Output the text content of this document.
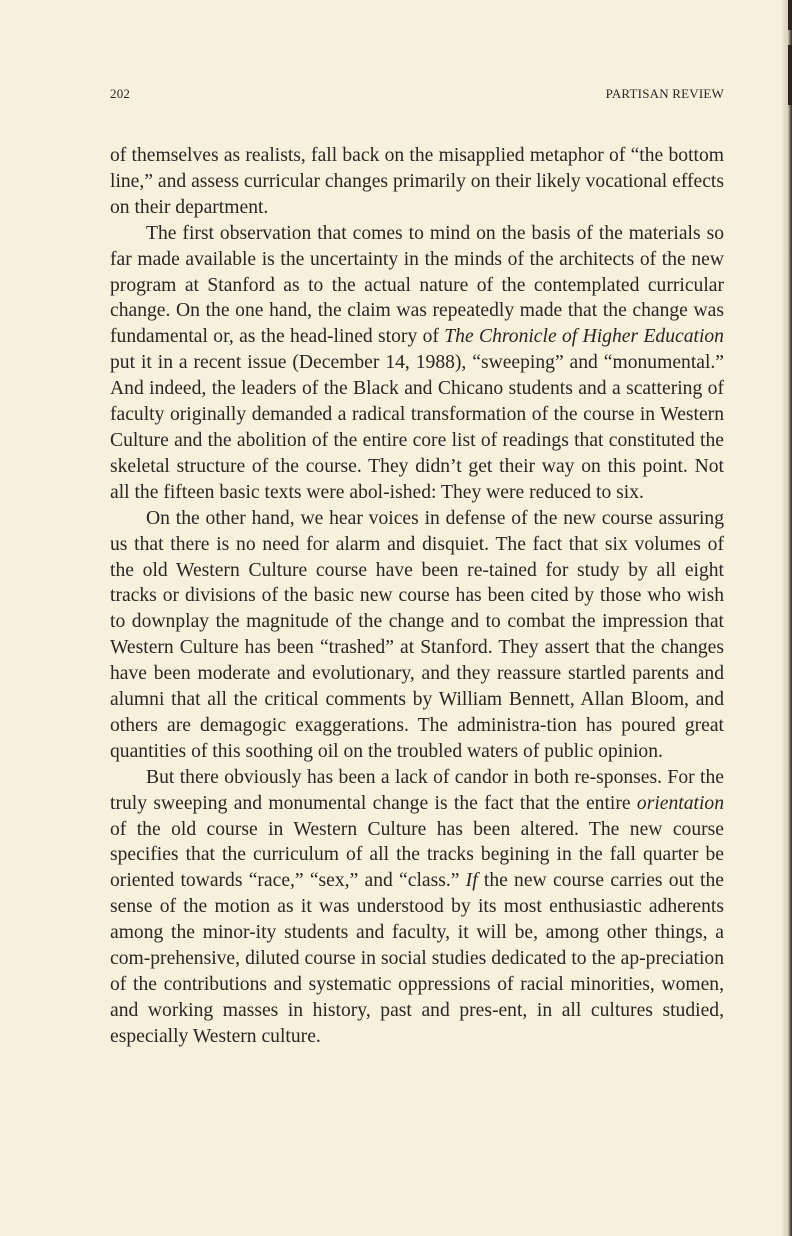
202	PARTISAN REVIEW

of themselves as realists, fall back on the misapplied metaphor of “the bottom line,” and assess curricular changes primarily on their likely vocational effects on their department.

The first observation that comes to mind on the basis of the materials so far made available is the uncertainty in the minds of the architects of the new program at Stanford as to the actual nature of the contemplated curricular change. On the one hand, the claim was repeatedly made that the change was fundamental or, as the head-lined story of The Chronicle of Higher Education put it in a recent issue (December 14, 1988), “sweeping” and “monumental.” And indeed, the leaders of the Black and Chicano students and a scattering of faculty originally demanded a radical transformation of the course in Western Culture and the abolition of the entire core list of readings that constituted the skeletal structure of the course. They didn’t get their way on this point. Not all the fifteen basic texts were abol-ished: They were reduced to six.

On the other hand, we hear voices in defense of the new course assuring us that there is no need for alarm and disquiet. The fact that six volumes of the old Western Culture course have been re-tained for study by all eight tracks or divisions of the basic new course has been cited by those who wish to downplay the magnitude of the change and to combat the impression that Western Culture has been “trashed” at Stanford. They assert that the changes have been moderate and evolutionary, and they reassure startled parents and alumni that all the critical comments by William Bennett, Allan Bloom, and others are demagogic exaggerations. The administra-tion has poured great quantities of this soothing oil on the troubled waters of public opinion.

But there obviously has been a lack of candor in both re-sponses. For the truly sweeping and monumental change is the fact that the entire orientation of the old course in Western Culture has been altered. The new course specifies that the curriculum of all the tracks begining in the fall quarter be oriented towards “race,” “sex,” and “class.” If the new course carries out the sense of the motion as it was understood by its most enthusiastic adherents among the minor-ity students and faculty, it will be, among other things, a com-prehensive, diluted course in social studies dedicated to the ap-preciation of the contributions and systematic oppressions of racial minorities, women, and working masses in history, past and pres-ent, in all cultures studied, especially Western culture.
